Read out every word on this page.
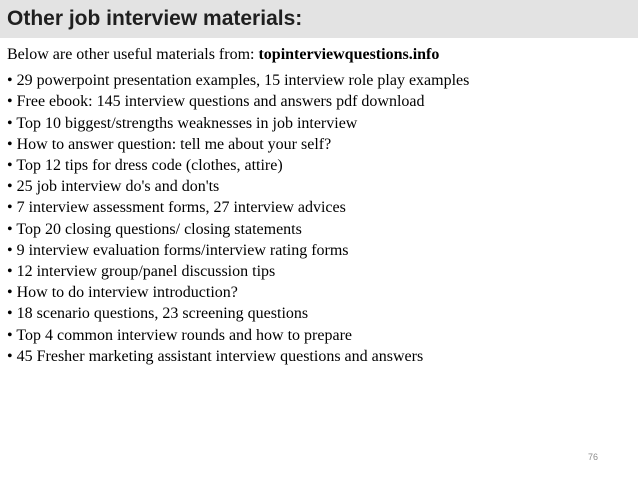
Other job interview materials:

Below are other useful materials from: topinterviewquestions.info

• 29 powerpoint presentation examples, 15 interview role play examples
• Free ebook: 145 interview questions and answers pdf download
• Top 10 biggest/strengths weaknesses in job interview
• How to answer question: tell me about your self?
• Top 12 tips for dress code (clothes, attire)
• 25 job interview do's and don'ts
• 7 interview assessment forms, 27 interview advices
• Top 20 closing questions/ closing statements
• 9 interview evaluation forms/interview rating forms
• 12 interview group/panel discussion tips
• How to do interview introduction?
• 18 scenario questions, 23 screening questions
• Top 4 common interview rounds and how to prepare
• 45 Fresher marketing assistant interview questions and answers
76
